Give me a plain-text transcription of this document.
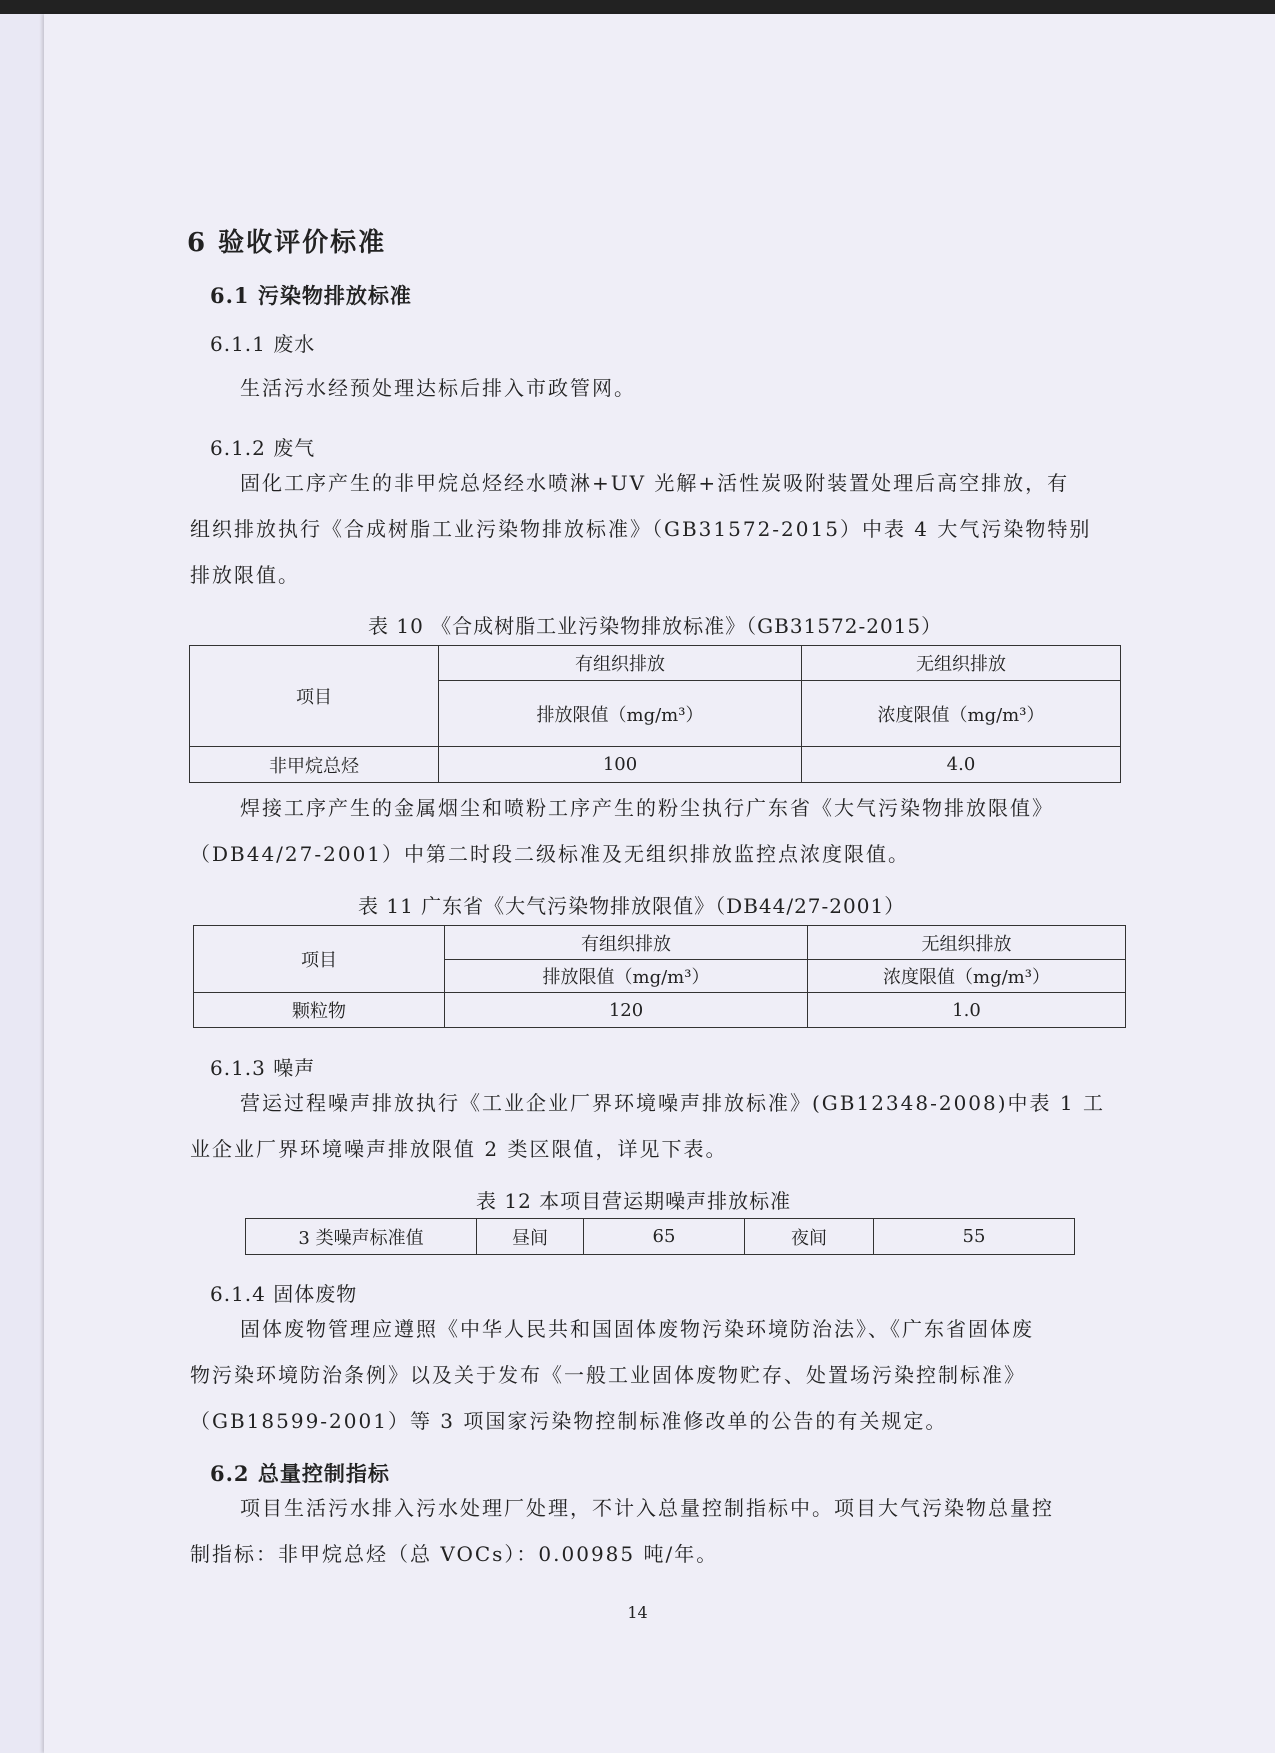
6 验收评价标准
6.1 污染物排放标准
6.1.1 废水
生活污水经预处理达标后排入市政管网。
6.1.2 废气
固化工序产生的非甲烷总烃经水喷淋+UV 光解+活性炭吸附装置处理后高空排放，有
组织排放执行《合成树脂工业污染物排放标准》（GB31572-2015）中表 4 大气污染物特别
排放限值。
表 10 《合成树脂工业污染物排放标准》（GB31572-2015）
项目	有组织排放	无组织排放
	排放限值（mg/m³）	浓度限值（mg/m³）
非甲烷总烃	100	4.0
焊接工序产生的金属烟尘和喷粉工序产生的粉尘执行广东省《大气污染物排放限值》
（DB44/27-2001）中第二时段二级标准及无组织排放监控点浓度限值。
表 11 广东省《大气污染物排放限值》（DB44/27-2001）
项目	有组织排放	无组织排放
	排放限值（mg/m³）	浓度限值（mg/m³）
颗粒物	120	1.0
6.1.3 噪声
营运过程噪声排放执行《工业企业厂界环境噪声排放标准》(GB12348-2008)中表 1 工
业企业厂界环境噪声排放限值 2 类区限值，详见下表。
表 12 本项目营运期噪声排放标准
3 类噪声标准值	昼间	65	夜间	55
6.1.4 固体废物
固体废物管理应遵照《中华人民共和国固体废物污染环境防治法》、《广东省固体废
物污染环境防治条例》以及关于发布《一般工业固体废物贮存、处置场污染控制标准》
（GB18599-2001）等 3 项国家污染物控制标准修改单的公告的有关规定。
6.2 总量控制指标
项目生活污水排入污水处理厂处理，不计入总量控制指标中。项目大气污染物总量控
制指标：非甲烷总烃（总 VOCs）：0.00985 吨/年。
14
